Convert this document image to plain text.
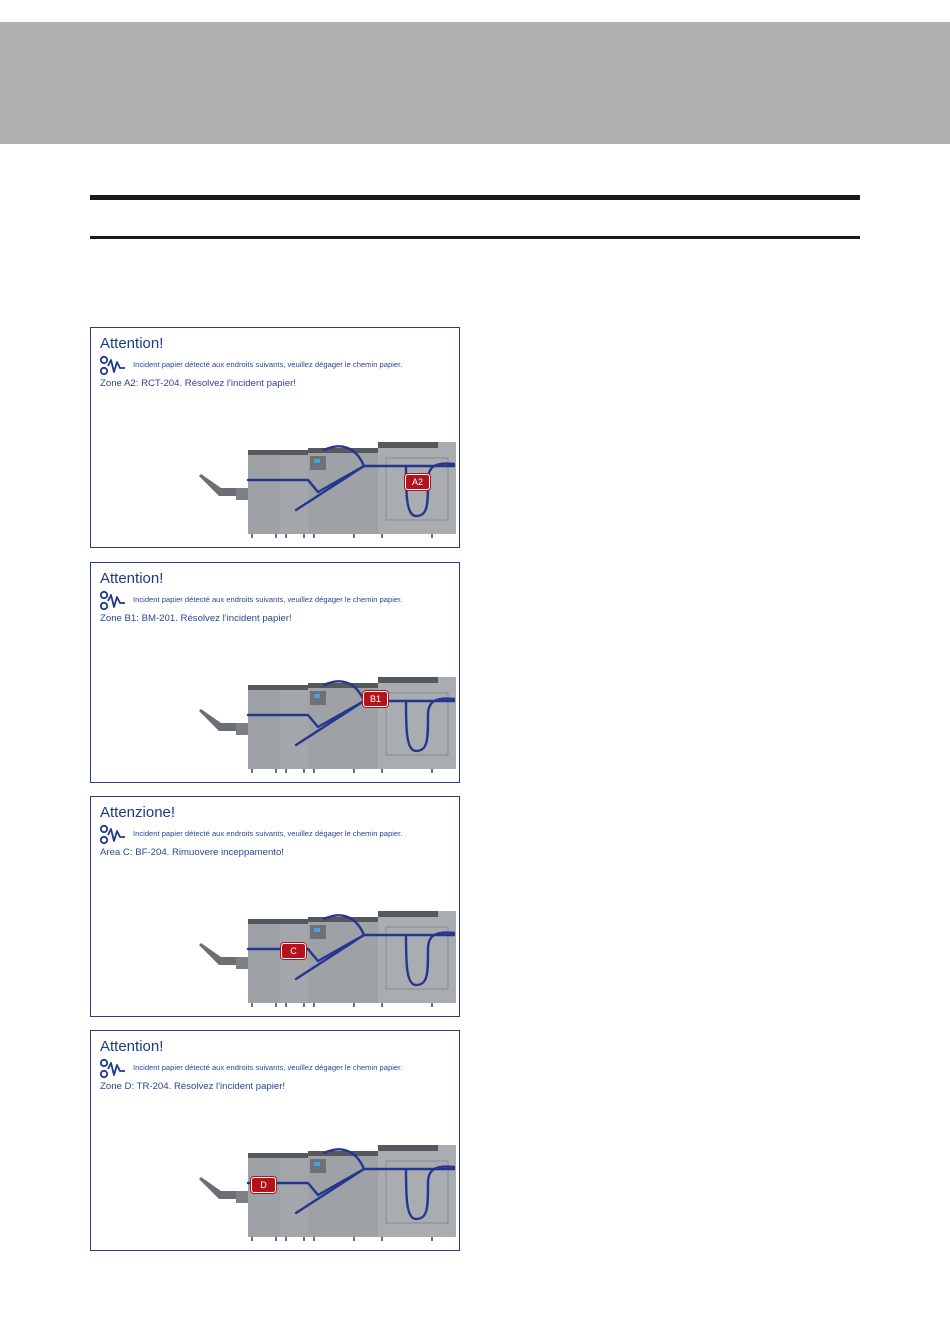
Attention!
Incident papier détecté aux endroits suivants, veuillez dégager le chemin papier.
Zone A2: RCT-204. Résolvez l'incident papier!
A2
Attention!
Incident papier détecté aux endroits suivants, veuillez dégager le chemin papier.
Zone B1: BM-201. Résolvez l'incident papier!
B1
Attenzione!
Incident papier détecté aux endroits suivants, veuillez dégager le chemin papier.
Area C: BF-204. Rimuovere inceppamento!
C
Attention!
Incident papier détecté aux endroits suivants, veuillez dégager le chemin papier.
Zone D: TR-204. Résolvez l'incident papier!
D
